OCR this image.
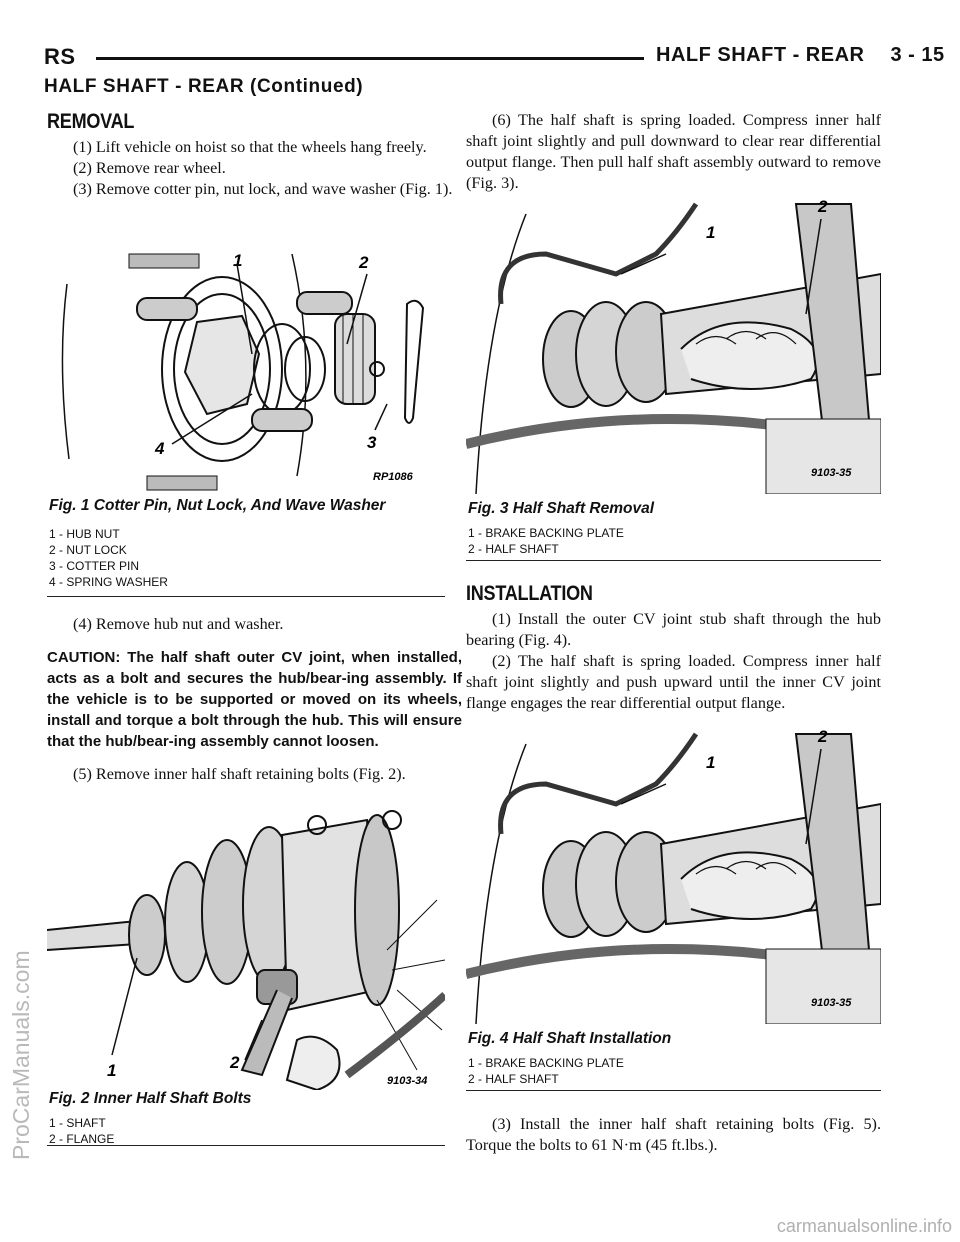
RS	HALF SHAFT - REAR 3 - 15
HALF SHAFT - REAR (Continued)
REMOVAL

(1) Lift vehicle on hoist so that the wheels hang freely.

(2) Remove rear wheel.

(3) Remove cotter pin, nut lock, and wave washer (Fig. 1).

1	2
3
4
RP1086
Fig. 1 Cotter Pin, Nut Lock, And Wave Washer
1 - HUB NUT
2 - NUT LOCK
3 - COTTER PIN
4 - SPRING WASHER

(4) Remove hub nut and washer.

CAUTION: The half shaft outer CV joint, when installed, acts as a bolt and secures the hub/bear-ing assembly. If the vehicle is to be supported or moved on its wheels, install and torque a bolt through the hub. This will ensure that the hub/bear-ing assembly cannot loosen.

(5) Remove inner half shaft retaining bolts (Fig. 2).

1	2
9103-34
Fig. 2 Inner Half Shaft Bolts
1 - SHAFT
2 - FLANGE

(6) The half shaft is spring loaded. Compress inner half shaft joint slightly and pull downward to clear rear differential output flange. Then pull half shaft assembly outward to remove (Fig. 3).

1
2
9103-35
Fig. 3 Half Shaft Removal
1 - BRAKE BACKING PLATE
2 - HALF SHAFT
INSTALLATION

(1) Install the outer CV joint stub shaft through the hub bearing (Fig. 4).

(2) The half shaft is spring loaded. Compress inner half shaft joint slightly and push upward until the inner CV joint flange engages the rear differential output flange.

1
2
9103-35
Fig. 4 Half Shaft Installation
1 - BRAKE BACKING PLATE
2 - HALF SHAFT

(3) Install the inner half shaft retaining bolts (Fig. 5). Torque the bolts to 61 N·m (45 ft.lbs.).

ProCarManuals.com
carmanualsonline.info
